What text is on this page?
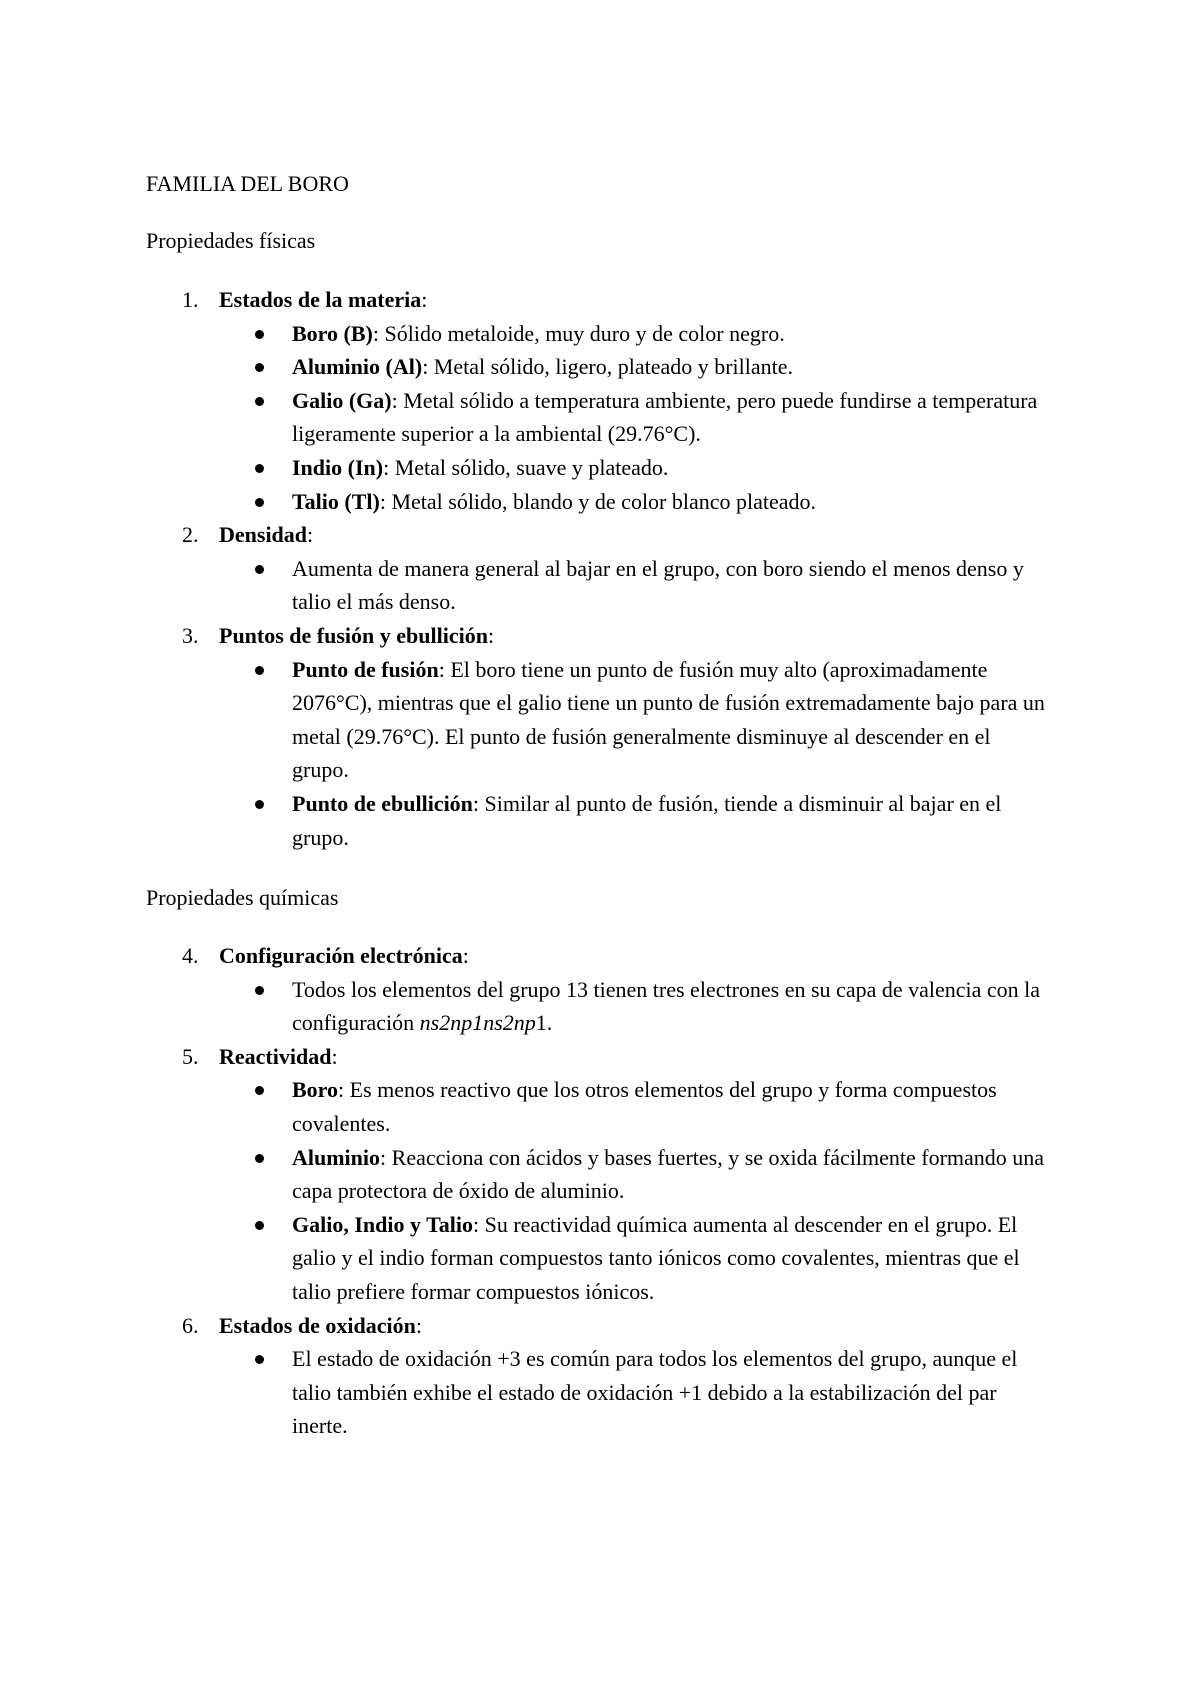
FAMILIA DEL BORO
Propiedades físicas
1. Estados de la materia:
Boro (B): Sólido metaloide, muy duro y de color negro.
Aluminio (Al): Metal sólido, ligero, plateado y brillante.
Galio (Ga): Metal sólido a temperatura ambiente, pero puede fundirse a temperatura ligeramente superior a la ambiental (29.76°C).
Indio (In): Metal sólido, suave y plateado.
Talio (Tl): Metal sólido, blando y de color blanco plateado.
2. Densidad:
Aumenta de manera general al bajar en el grupo, con boro siendo el menos denso y talio el más denso.
3. Puntos de fusión y ebullición:
Punto de fusión: El boro tiene un punto de fusión muy alto (aproximadamente 2076°C), mientras que el galio tiene un punto de fusión extremadamente bajo para un metal (29.76°C). El punto de fusión generalmente disminuye al descender en el grupo.
Punto de ebullición: Similar al punto de fusión, tiende a disminuir al bajar en el grupo.
Propiedades químicas
4. Configuración electrónica:
Todos los elementos del grupo 13 tienen tres electrones en su capa de valencia con la configuración ns2np1ns2np1.
5. Reactividad:
Boro: Es menos reactivo que los otros elementos del grupo y forma compuestos covalentes.
Aluminio: Reacciona con ácidos y bases fuertes, y se oxida fácilmente formando una capa protectora de óxido de aluminio.
Galio, Indio y Talio: Su reactividad química aumenta al descender en el grupo. El galio y el indio forman compuestos tanto iónicos como covalentes, mientras que el talio prefiere formar compuestos iónicos.
6. Estados de oxidación:
El estado de oxidación +3 es común para todos los elementos del grupo, aunque el talio también exhibe el estado de oxidación +1 debido a la estabilización del par inerte.
